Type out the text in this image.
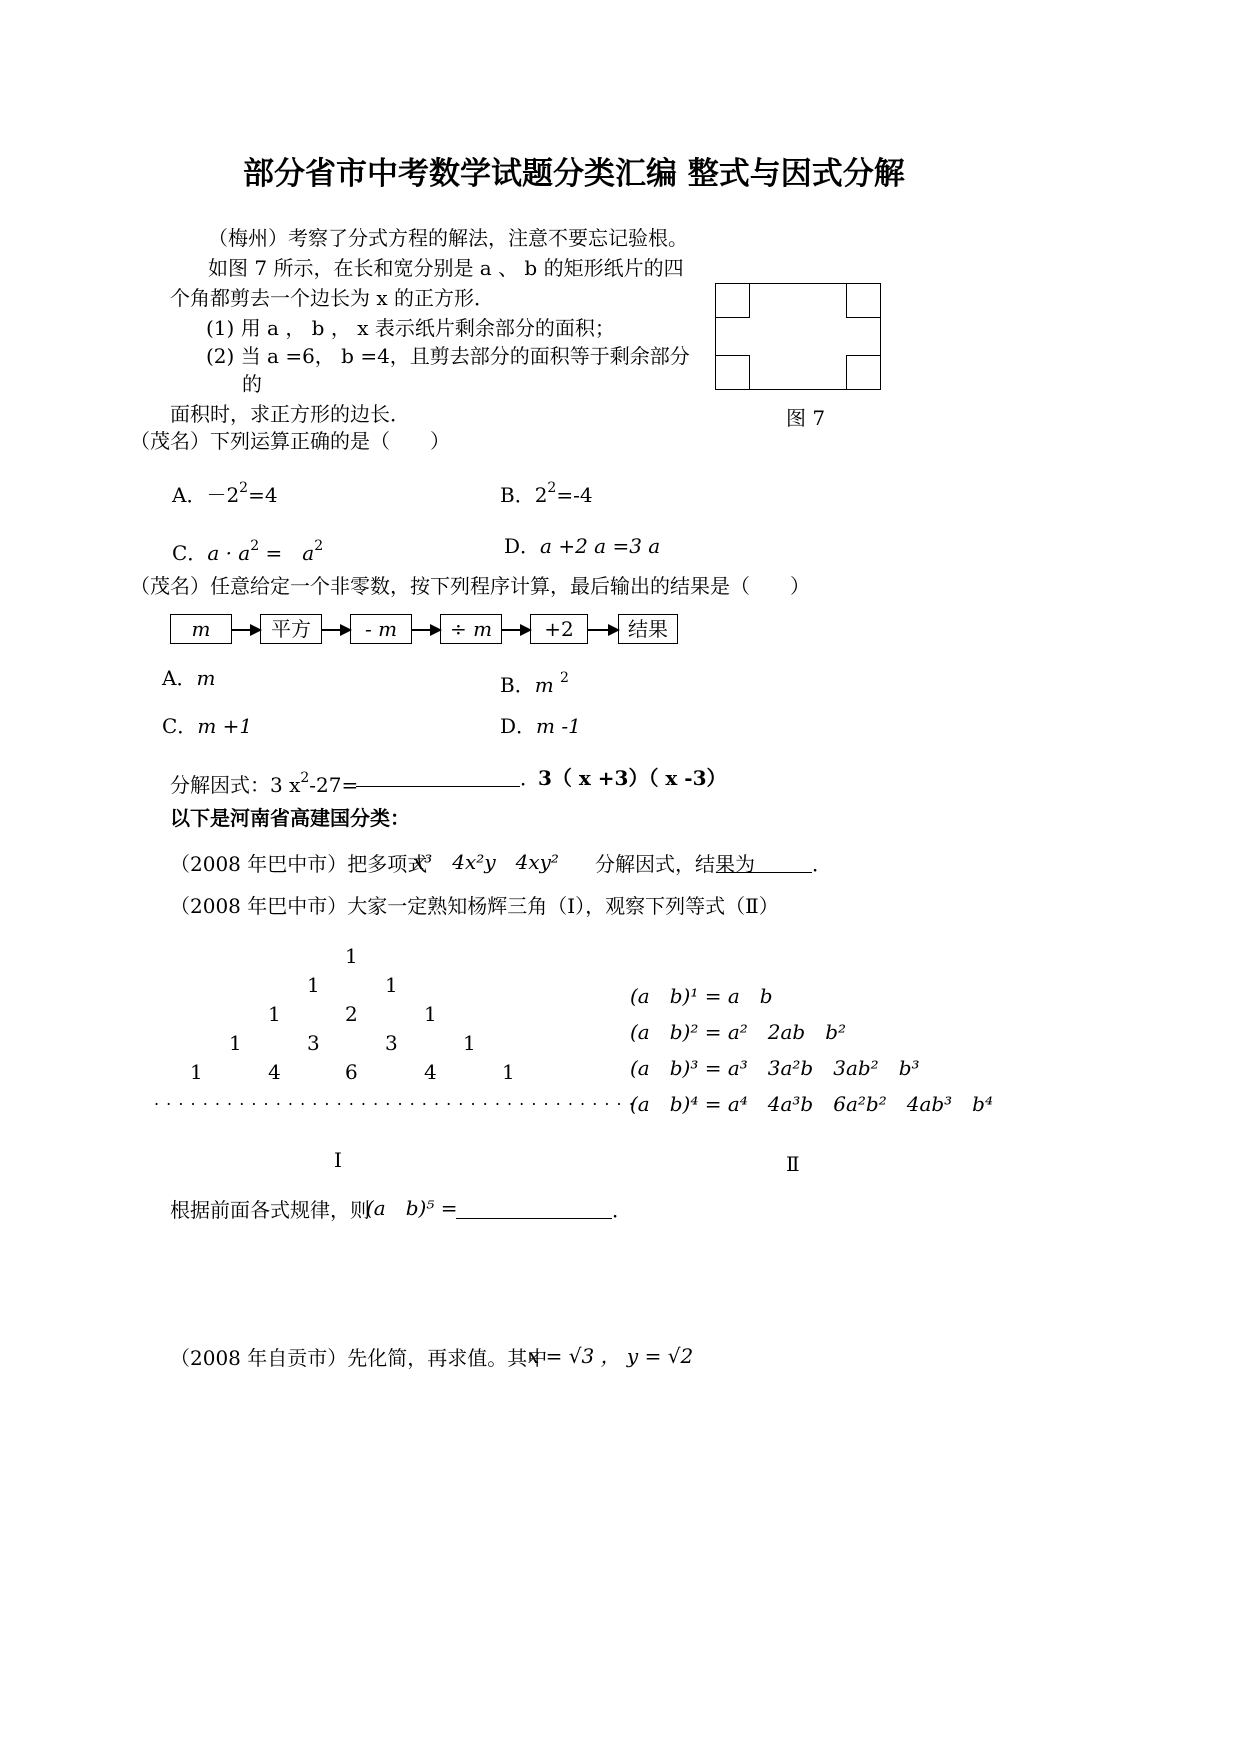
部分省市中考数学试题分类汇编 整式与因式分解
（梅州）考察了分式方程的解法，注意不要忘记验根。
如图 7 所示，在长和宽分别是 a 、 b 的矩形纸片的四
个角都剪去一个边长为 x 的正方形．
(1) 用 a ， b ， x 表示纸片剩余部分的面积；
(2) 当 a =6， b =4，且剪去部分的面积等于剩余部分
的
面积时，求正方形的边长．	图 7
（茂名）下列运算正确的是（　　）
A．$-2^2=4$	B．$2^2=-4$
C．$a \cdot a^2$ =　$a^2$	D．a +2 a =3 a
（茂名）任意给定一个非零数，按下列程序计算，最后输出的结果是（　　）
m	平方	- m	÷ m	+2	结果
A．m	B．m $^2$
C．m +1	D．m -1
分解因式：3 $x^2-27=$	．
3（ x +3）（ x -3）
以下是河南省高建国分类：
（2008 年巴中市）把多项式
x³　4x²y　4xy² 分解因式，结果为	．
（2008 年巴中市）大家一定熟知杨辉三角（Ⅰ），观察下列等式（Ⅱ）
1
1	1
1	2	1
1	3	3	1
1	4	6	4	1
. . . . . . . . . . . . . . . . . . . . . . . . . . . . . . . . . . . . . . . .
Ⅰ
(a　b)¹ = a　b
(a　b)² = a²　2ab　b²
(a　b)³ = a³　3a²b　3ab²　b³
(a　b)⁴ = a⁴　4a³b　6a²b²　4ab³　b⁴
Ⅱ
根据前面各式规律，则
(a　b)⁵ =	．
（2008 年自贡市）先化简，再求值。其中
x = √3 ， y = √2
